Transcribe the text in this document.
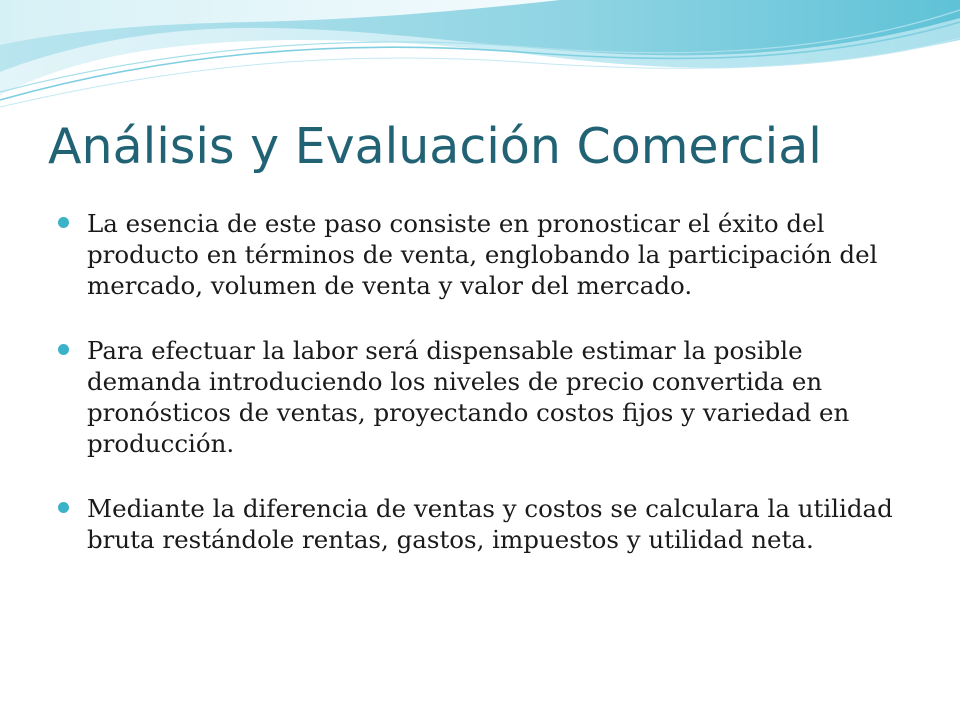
Análisis y Evaluación Comercial
La esencia de este paso consiste en pronosticar el éxito del producto en términos de venta, englobando la participación del mercado, volumen de venta y valor del mercado.
Para efectuar la labor será dispensable estimar la posible demanda introduciendo los niveles de precio convertida en pronósticos de ventas, proyectando costos fijos y variedad en producción.
Mediante la diferencia de ventas y costos se calculara la utilidad bruta restándole rentas, gastos, impuestos y utilidad neta.
